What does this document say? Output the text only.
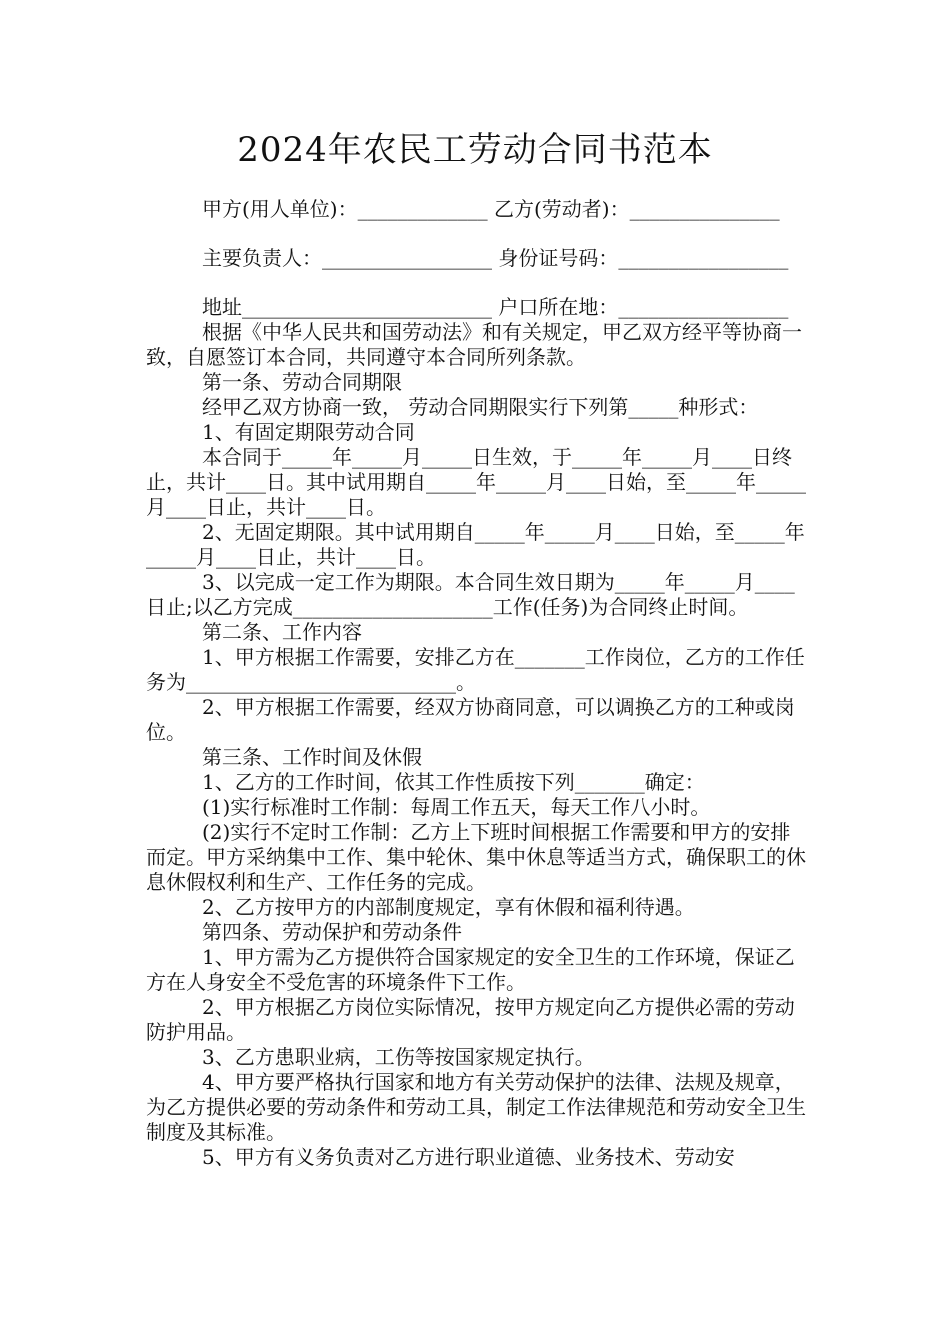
2024年农民工劳动合同书范本

甲方(用人单位)：_____________ 乙方(劳动者)：_______________

主要负责人：_________________ 身份证号码：_________________

地址_________________________ 户口所在地：_________________

根据《中华人民共和国劳动法》和有关规定，甲乙双方经平等协商一致，自愿签订本合同，共同遵守本合同所列条款。

第一条、劳动合同期限

经甲乙双方协商一致， 劳动合同期限实行下列第_____种形式：

1、有固定期限劳动合同

本合同于_____年_____月_____日生效，于_____年_____月____日终止，共计____日。其中试用期自_____年_____月____日始，至_____年_____月____日止，共计____日。

2、无固定期限。其中试用期自_____年_____月____日始，至_____年_____月____日止，共计____日。

3、以完成一定工作为期限。本合同生效日期为_____年_____月____日止;以乙方完成____________________工作(任务)为合同终止时间。

第二条、工作内容

1、甲方根据工作需要，安排乙方在_______工作岗位，乙方的工作任务为___________________________。

2、甲方根据工作需要，经双方协商同意，可以调换乙方的工种或岗位。

第三条、工作时间及休假

1、乙方的工作时间，依其工作性质按下列_______确定：

(1)实行标准时工作制：每周工作五天，每天工作八小时。

(2)实行不定时工作制：乙方上下班时间根据工作需要和甲方的安排而定。甲方采纳集中工作、集中轮休、集中休息等适当方式，确保职工的休息休假权利和生产、工作任务的完成。

2、乙方按甲方的内部制度规定，享有休假和福利待遇。

第四条、劳动保护和劳动条件

1、甲方需为乙方提供符合国家规定的安全卫生的工作环境，保证乙方在人身安全不受危害的环境条件下工作。

2、甲方根据乙方岗位实际情况，按甲方规定向乙方提供必需的劳动防护用品。

3、乙方患职业病，工伤等按国家规定执行。

4、甲方要严格执行国家和地方有关劳动保护的法律、法规及规章，为乙方提供必要的劳动条件和劳动工具，制定工作法律规范和劳动安全卫生制度及其标准。

5、甲方有义务负责对乙方进行职业道德、业务技术、劳动安
